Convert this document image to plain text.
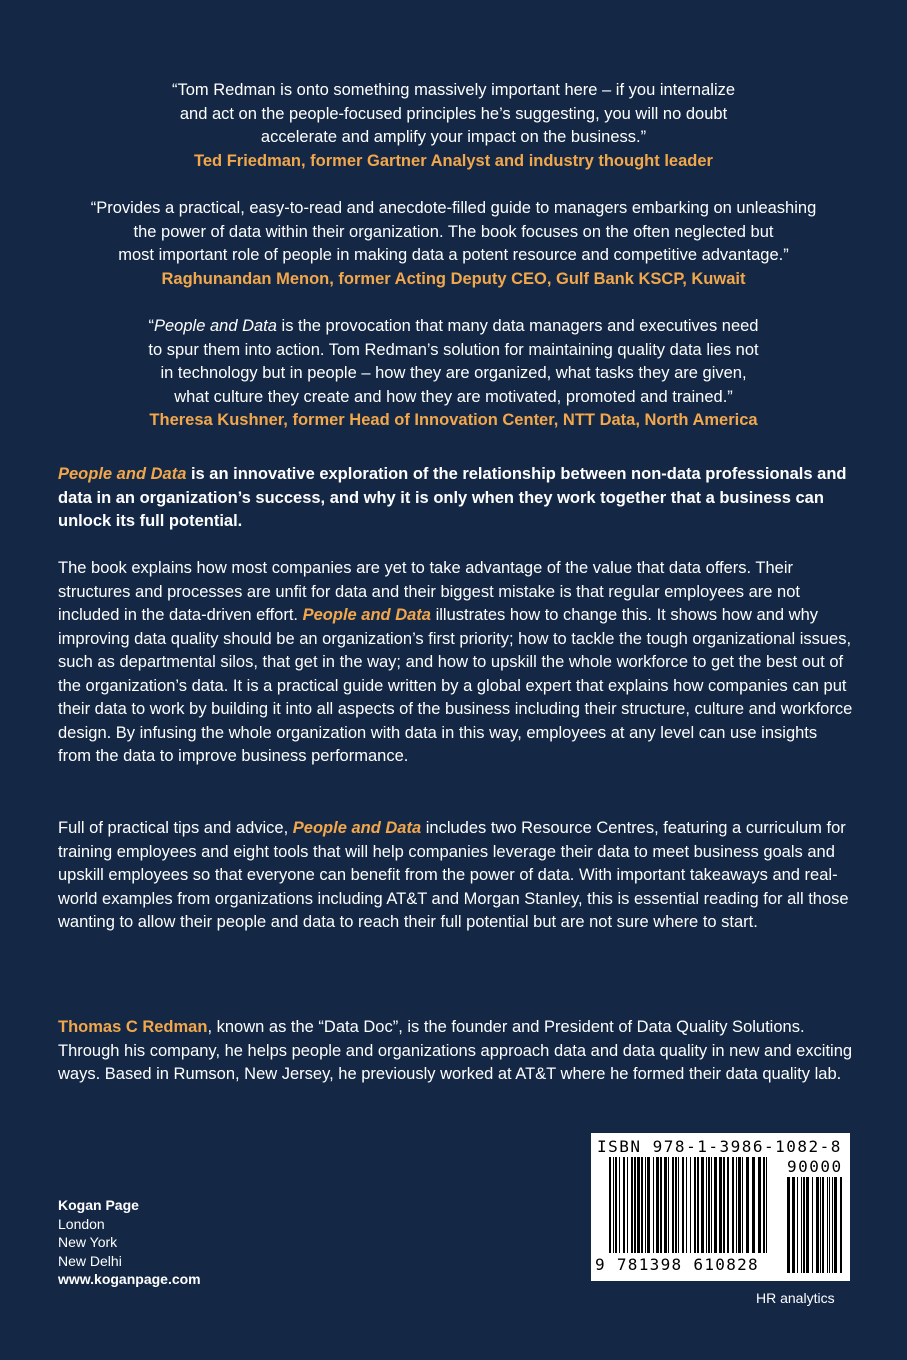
“Tom Redman is onto something massively important here – if you internalize
and act on the people-focused principles he’s suggesting, you will no doubt
accelerate and amplify your impact on the business.”
Ted Friedman, former Gartner Analyst and industry thought leader
“Provides a practical, easy-to-read and anecdote-filled guide to managers embarking on unleashing
the power of data within their organization. The book focuses on the often neglected but
most important role of people in making data a potent resource and competitive advantage.”
Raghunandan Menon, former Acting Deputy CEO, Gulf Bank KSCP, Kuwait
“People and Data is the provocation that many data managers and executives need
to spur them into action. Tom Redman’s solution for maintaining quality data lies not
in technology but in people – how they are organized, what tasks they are given,
what culture they create and how they are motivated, promoted and trained.”
Theresa Kushner, former Head of Innovation Center, NTT Data, North America
People and Data is an innovative exploration of the relationship between non-data professionals and data in an organization’s success, and why it is only when they work together that a business can unlock its full potential.
The book explains how most companies are yet to take advantage of the value that data offers. Their structures and processes are unfit for data and their biggest mistake is that regular employees are not included in the data-driven effort. People and Data illustrates how to change this. It shows how and why improving data quality should be an organization’s first priority; how to tackle the tough organizational issues, such as departmental silos, that get in the way; and how to upskill the whole workforce to get the best out of the organization’s data. It is a practical guide written by a global expert that explains how companies can put their data to work by building it into all aspects of the business including their structure, culture and workforce design. By infusing the whole organization with data in this way, employees at any level can use insights from the data to improve business performance.
Full of practical tips and advice, People and Data includes two Resource Centres, featuring a curriculum for training employees and eight tools that will help companies leverage their data to meet business goals and upskill employees so that everyone can benefit from the power of data. With important takeaways and real-world examples from organizations including AT&T and Morgan Stanley, this is essential reading for all those wanting to allow their people and data to reach their full potential but are not sure where to start.
Thomas C Redman, known as the “Data Doc”, is the founder and President of Data Quality Solutions. Through his company, he helps people and organizations approach data and data quality in new and exciting ways. Based in Rumson, New Jersey, he previously worked at AT&T where he formed their data quality lab.
Kogan Page
London
New York
New Delhi
www.koganpage.com
ISBN 978-1-3986-1082-8
90000
9 781398 610828
HR analytics
